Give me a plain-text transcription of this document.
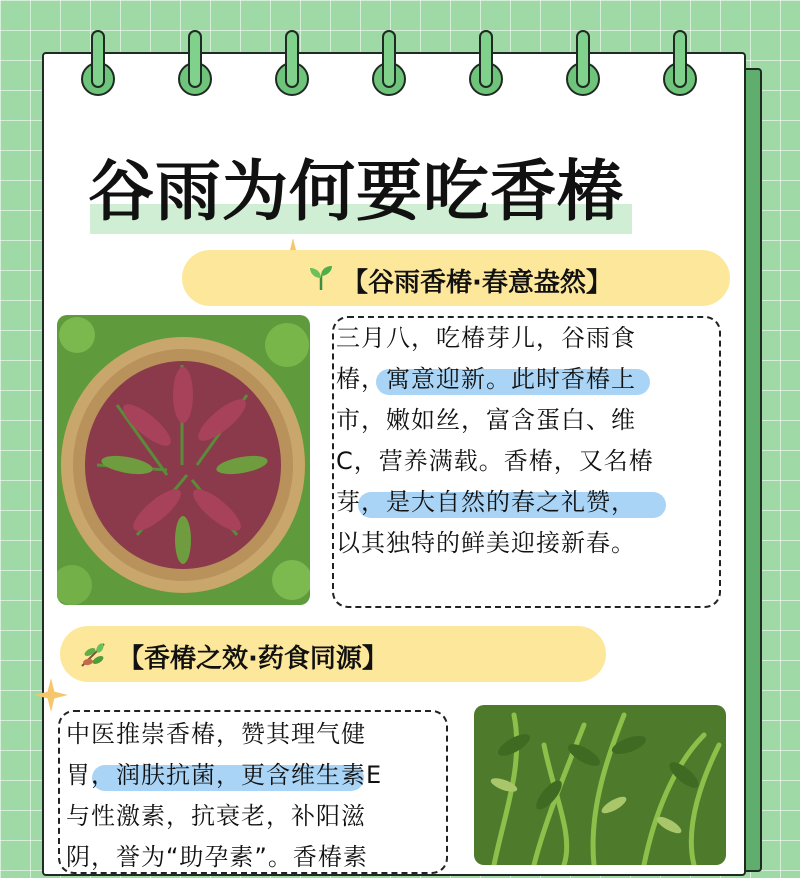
谷雨为何要吃香椿
【谷雨香椿·春意盎然】
三月八，吃椿芽儿，谷雨食
椿，寓意迎新。此时香椿上
市，嫩如丝，富含蛋白、维
C，营养满载。香椿，又名椿
芽，是大自然的春之礼赞，
以其独特的鲜美迎接新春。
【香椿之效·药食同源】
中医推崇香椿，赞其理气健
胃，润肤抗菌，更含维生素E
与性激素，抗衰老，补阳滋
阴，誉为“助孕素”。香椿素
